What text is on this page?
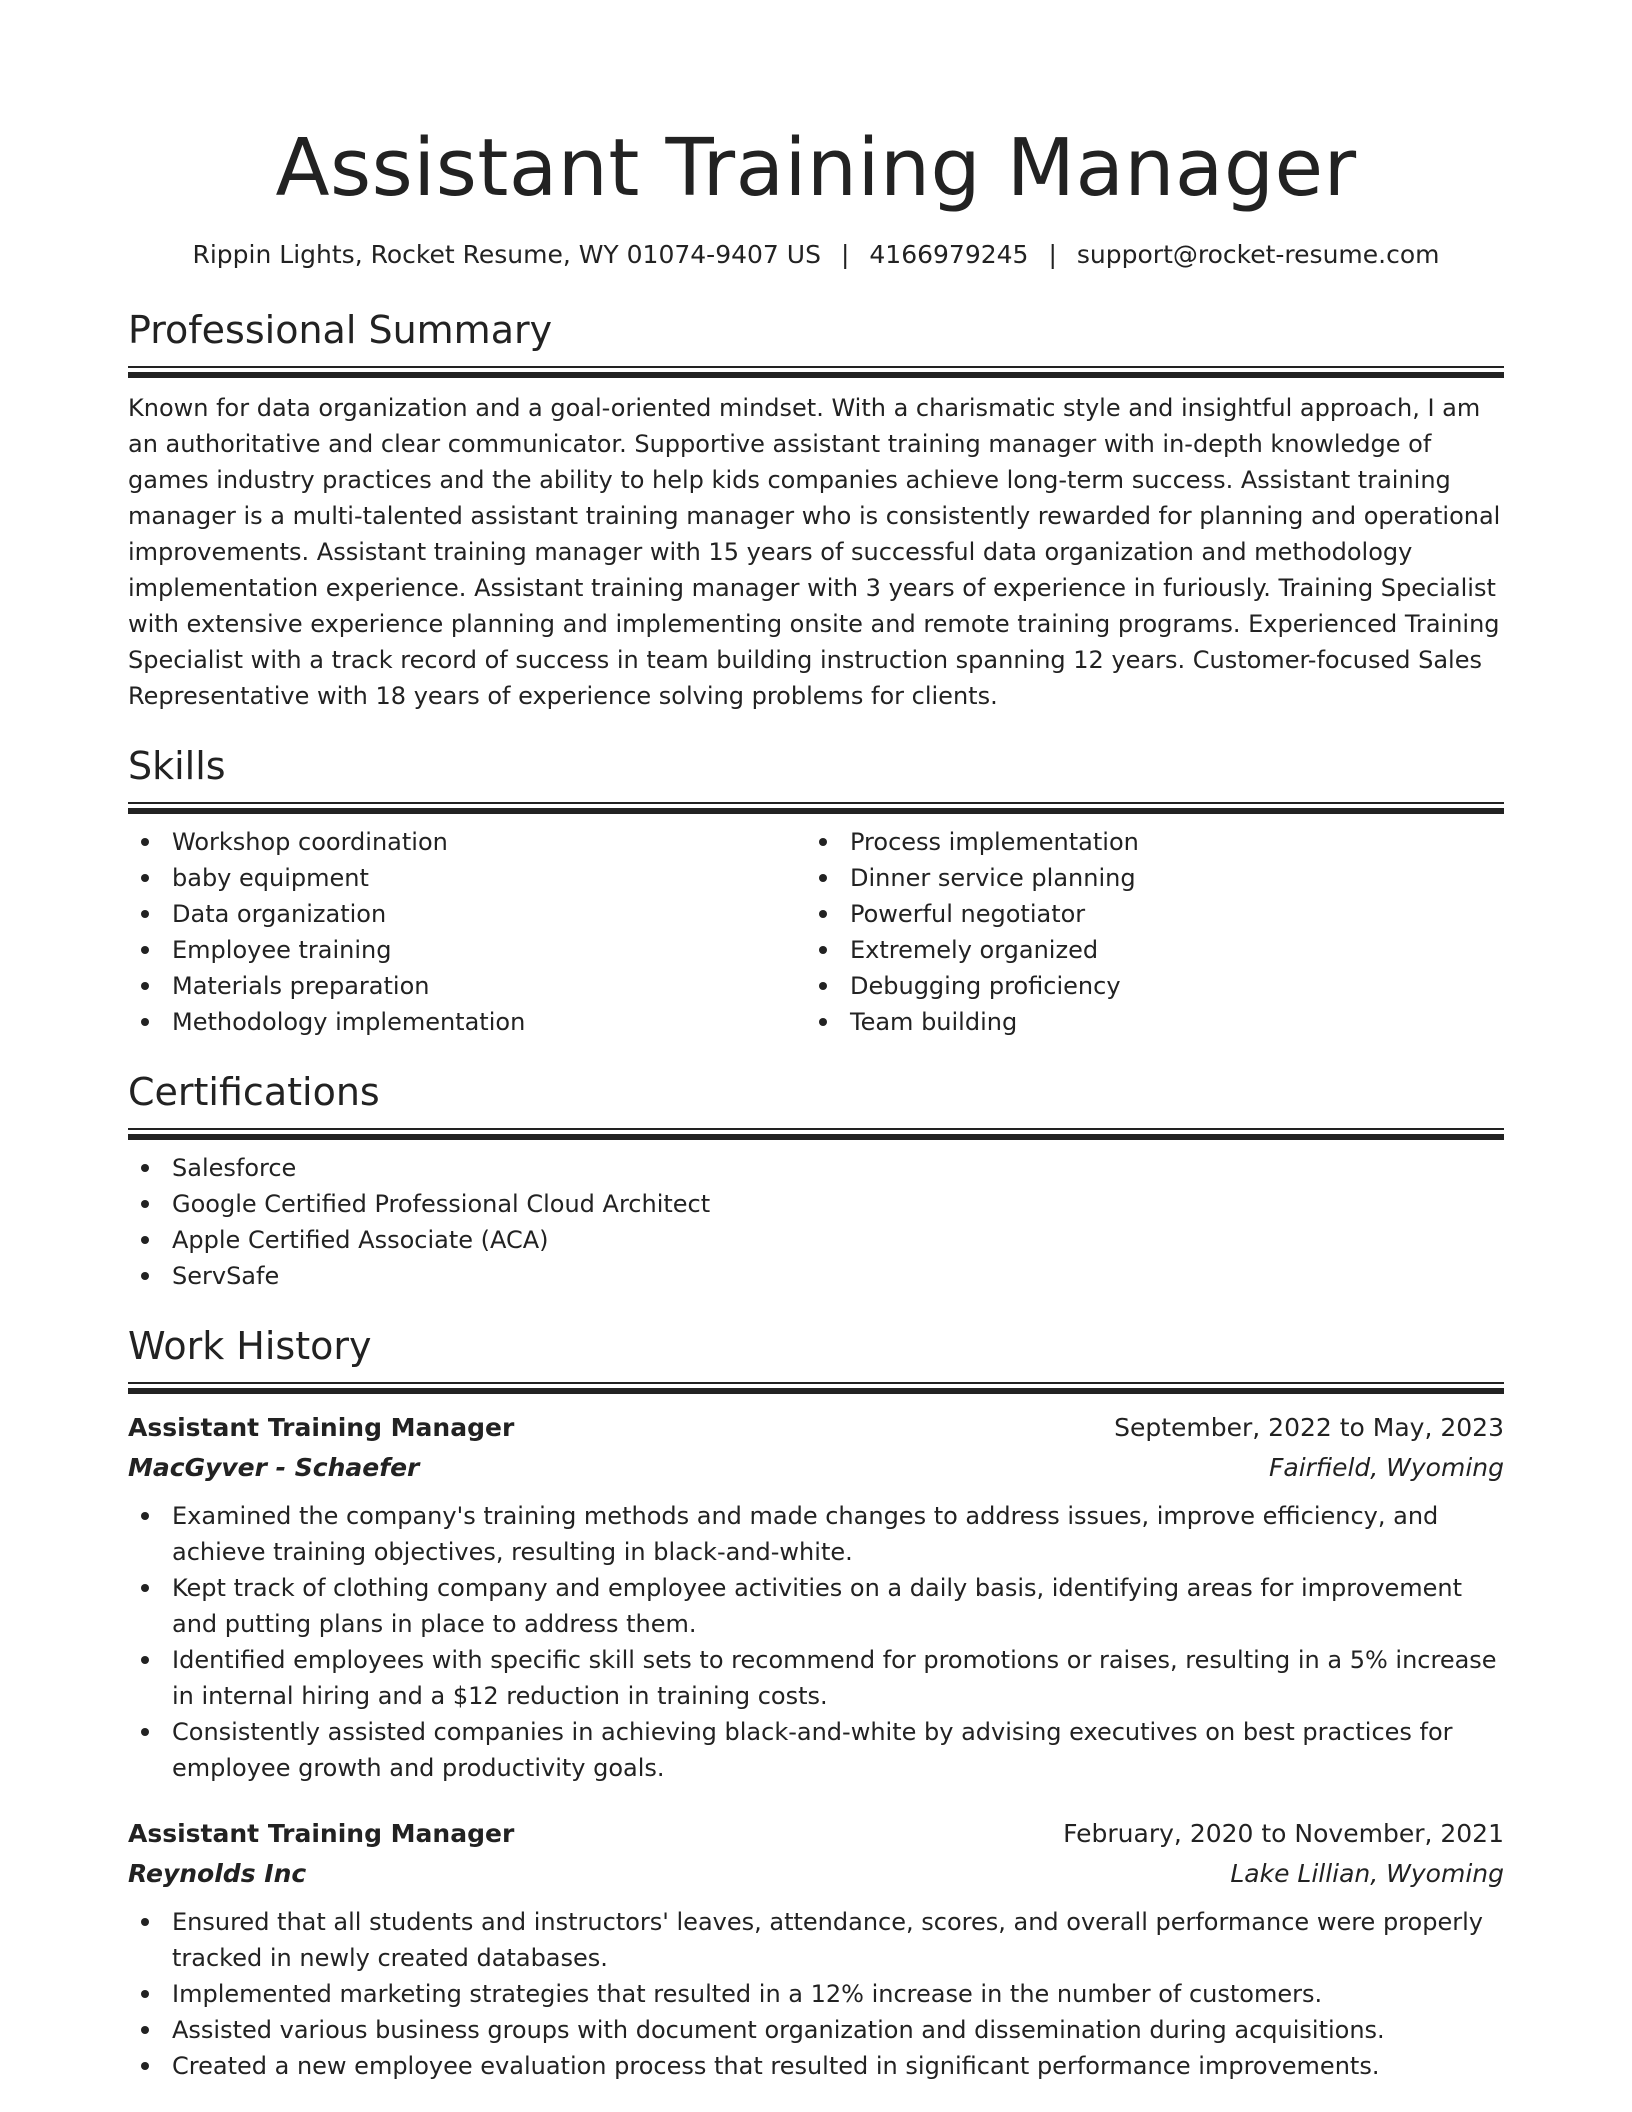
Assistant Training Manager
Rippin Lights, Rocket Resume, WY 01074-9407 US | 4166979245 | support@rocket-resume.com
Professional Summary
Known for data organization and a goal-oriented mindset. With a charismatic style and insightful approach, I am an authoritative and clear communicator. Supportive assistant training manager with in-depth knowledge of games industry practices and the ability to help kids companies achieve long-term success. Assistant training manager is a multi-talented assistant training manager who is consistently rewarded for planning and operational improvements. Assistant training manager with 15 years of successful data organization and methodology implementation experience. Assistant training manager with 3 years of experience in furiously. Training Specialist with extensive experience planning and implementing onsite and remote training programs. Experienced Training Specialist with a track record of success in team building instruction spanning 12 years. Customer-focused Sales Representative with 18 years of experience solving problems for clients.
Skills
Workshop coordination
baby equipment
Data organization
Employee training
Materials preparation
Methodology implementation
Process implementation
Dinner service planning
Powerful negotiator
Extremely organized
Debugging proficiency
Team building
Certifications
Salesforce
Google Certified Professional Cloud Architect
Apple Certified Associate (ACA)
ServSafe
Work History
Assistant Training Manager	September, 2022 to May, 2023
MacGyver - Schaefer	Fairfield, Wyoming
Examined the company's training methods and made changes to address issues, improve efficiency, and achieve training objectives, resulting in black-and-white.
Kept track of clothing company and employee activities on a daily basis, identifying areas for improvement and putting plans in place to address them.
Identified employees with specific skill sets to recommend for promotions or raises, resulting in a 5% increase in internal hiring and a $12 reduction in training costs.
Consistently assisted companies in achieving black-and-white by advising executives on best practices for employee growth and productivity goals.
Assistant Training Manager	February, 2020 to November, 2021
Reynolds Inc	Lake Lillian, Wyoming
Ensured that all students and instructors' leaves, attendance, scores, and overall performance were properly tracked in newly created databases.
Implemented marketing strategies that resulted in a 12% increase in the number of customers.
Assisted various business groups with document organization and dissemination during acquisitions.
Created a new employee evaluation process that resulted in significant performance improvements.
